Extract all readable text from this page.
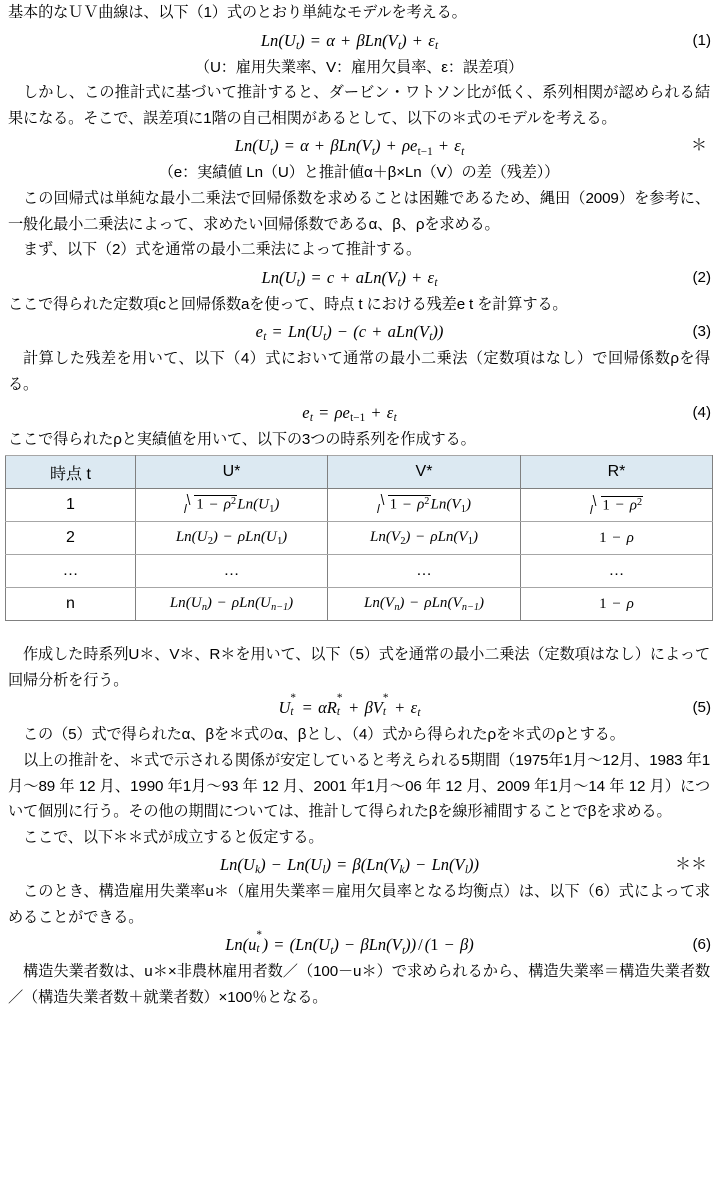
基本的なＵＶ曲線は、以下（1）式のとおり単純なモデルを考える。

$Ln(U_t) = \alpha + \beta Ln(V_t) + \varepsilon_t$	(1)

（U：雇用失業率、V：雇用欠員率、ε：誤差項）

しかし、この推計式に基づいて推計すると、ダービン・ワトソン比が低く、系列相関が認められる結果になる。そこで、誤差項に1階の自己相関があるとして、以下の＊式のモデルを考える。

$Ln(U_t) = \alpha + \beta Ln(V_t) + \rho e_{t-1} + \varepsilon_t$	＊

（e：実績値 Ln（U）と推計値α＋β×Ln（V）の差（残差））

この回帰式は単純な最小二乗法で回帰係数を求めることは困難であるため、縄田（2009）を参考に、一般化最小二乗法によって、求めたい回帰係数であるα、β、ρを求める。

まず、以下（2）式を通常の最小二乗法によって推計する。

$Ln(U_t) = c + aLn(V_t) + \varepsilon_t$	(2)

ここで得られた定数項cと回帰係数aを使って、時点 t における残差e t を計算する。

$e_t = Ln(U_t) - (c + aLn(V_t))$	(3)

計算した残差を用いて、以下（4）式において通常の最小二乗法（定数項はなし）で回帰係数ρを得る。

$e_t = \rho e_{t-1} + \varepsilon_t$	(4)

ここで得られたρと実績値を用いて、以下の3つの時系列を作成する。

時点 t	U*	V*	R*
1	$1 - \rho^2Ln(U_1)$	$1 - \rho^2Ln(V_1)$	$1 - \rho^2$
2	$Ln(U_2) - \rho Ln(U_1)$	$Ln(V_2) - \rho Ln(V_1)$	1 − ρ
…	…	…	…
n	$Ln(U_n) - \rho Ln(U_{n-1})$	$Ln(V_n) - \rho Ln(V_{n-1})$	1 − ρ

作成した時系列U＊、V＊、R＊を用いて、以下（5）式を通常の最小二乗法（定数項はなし）によって回帰分析を行う。

U
*
t = αR
*
t + βV
*
$t + \varepsilon_t$	(5)

この（5）式で得られたα、βを＊式のα、βとし、（4）式から得られたρを＊式のρとする。

以上の推計を、＊式で示される関係が安定していると考えられる5期間（1975年1月～12月、1983 年1月～89 年 12 月、1990 年1月～93 年 12 月、2001 年1月～06 年 12 月、2009 年1月～14 年 12 月）について個別に行う。その他の期間については、推計して得られたβを線形補間することでβを求める。

ここで、以下＊＊式が成立すると仮定する。

$Ln(U_k) - Ln(U_l) = \beta(Ln(V_k) - Ln(V_l))$	＊＊

このとき、構造雇用失業率u＊（雇用失業率＝雇用欠員率となる均衡点）は、以下（6）式によって求めることができる。

Ln(u
*
t ) = $(Ln(U_t) - \beta Ln(V_t)) / (1 - \beta)$	(6)

構造失業者数は、u＊×非農林雇用者数／（100－u＊）で求められるから、構造失業率＝構造失業者数／（構造失業者数＋就業者数）×100％となる。
